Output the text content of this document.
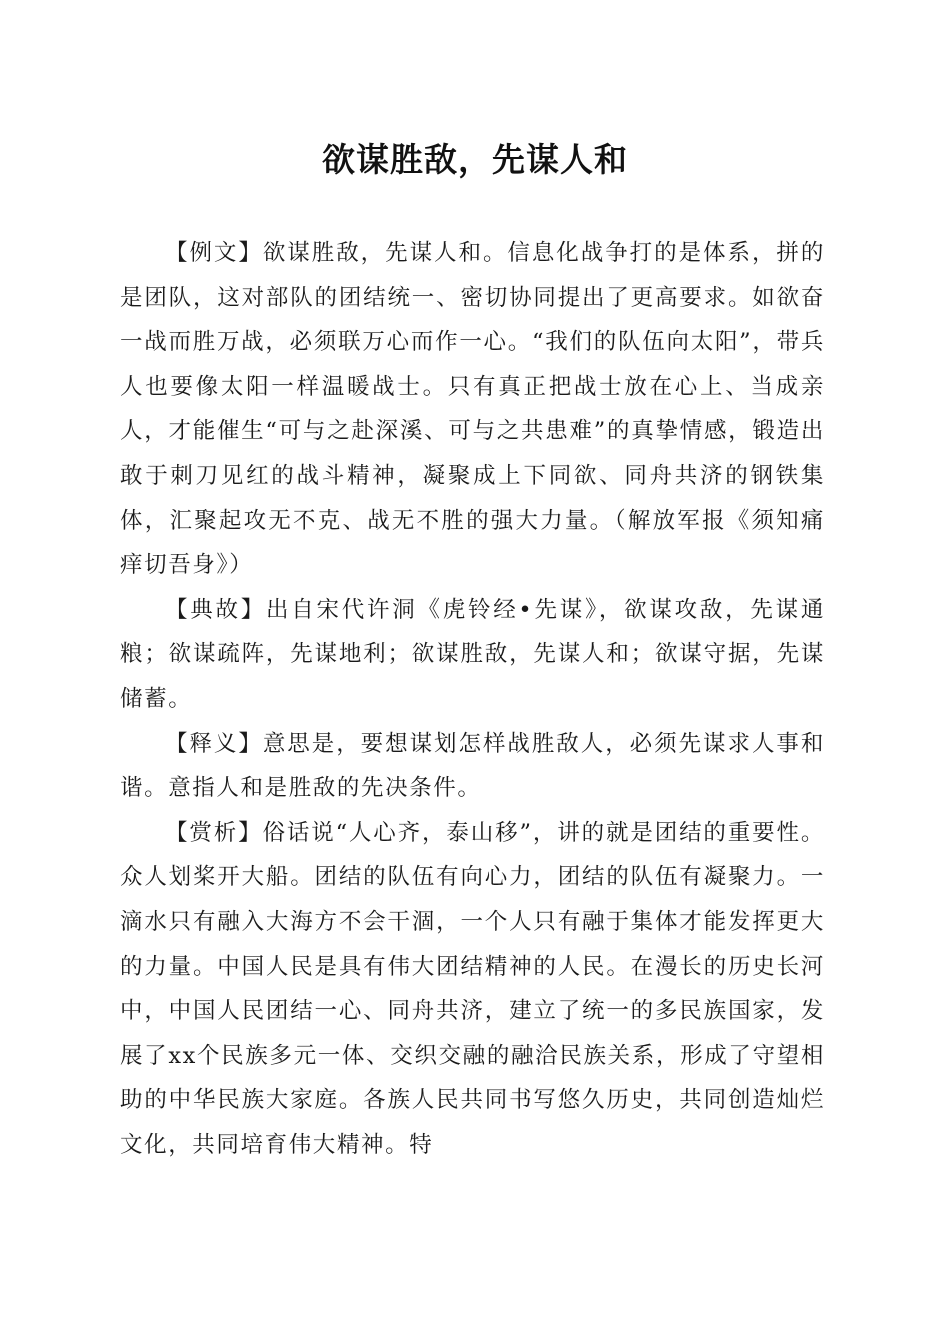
欲谋胜敌，先谋人和

【例文】欲谋胜敌，先谋人和。信息化战争打的是体系，拼的是团队，这对部队的团结统一、密切协同提出了更高要求。如欲奋一战而胜万战，必须联万心而作一心。“我们的队伍向太阳”，带兵人也要像太阳一样温暖战士。只有真正把战士放在心上、当成亲人，才能催生“可与之赴深溪、可与之共患难”的真挚情感，锻造出敢于刺刀见红的战斗精神，凝聚成上下同欲、同舟共济的钢铁集体，汇聚起攻无不克、战无不胜的强大力量。（解放军报《须知痛痒切吾身》）

【典故】出自宋代许洞《虎铃经•先谋》，欲谋攻敌，先谋通粮；欲谋疏阵，先谋地利；欲谋胜敌，先谋人和；欲谋守据，先谋储蓄。

【释义】意思是，要想谋划怎样战胜敌人，必须先谋求人事和谐。意指人和是胜敌的先决条件。

【赏析】俗话说“人心齐，泰山移”，讲的就是团结的重要性。众人划桨开大船。团结的队伍有向心力，团结的队伍有凝聚力。一滴水只有融入大海方不会干涸，一个人只有融于集体才能发挥更大的力量。中国人民是具有伟大团结精神的人民。在漫长的历史长河中，中国人民团结一心、同舟共济，建立了统一的多民族国家，发展了xx个民族多元一体、交织交融的融洽民族关系，形成了守望相助的中华民族大家庭。各族人民共同书写悠久历史，共同创造灿烂文化，共同培育伟大精神。特
